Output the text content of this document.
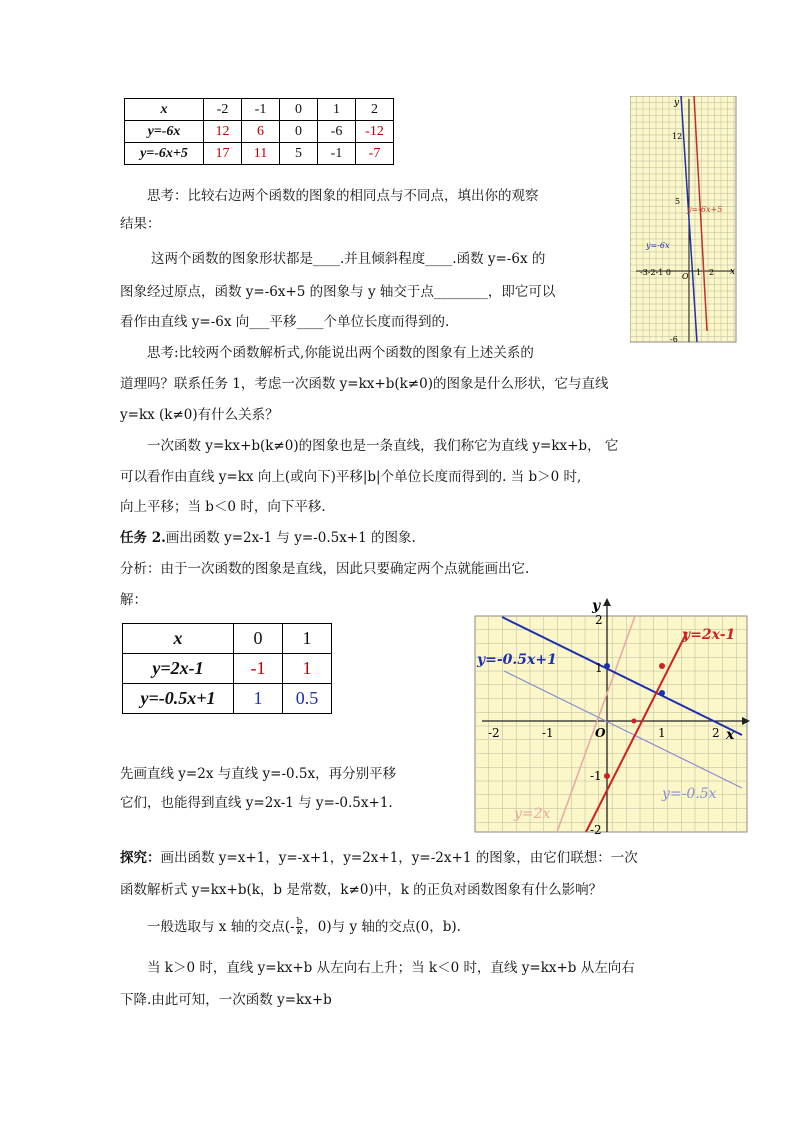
x	-2	-1	0	1	2
y=-6x	12	6	0	-6	-12
y=-6x+5	17	11	5	-1	-7
y
x
12
5
-6
-3-2-1 0 O 1 2
y=-6x
y=-6x+5
思考：比较右边两个函数的图象的相同点与不同点，填出你的观察
结果：
这两个函数的图象形状都是____.并且倾斜程度____.函数 y=-6x 的
图象经过原点，函数 y=-6x+5 的图象与 y 轴交于点________，即它可以
看作由直线 y=-6x 向___平移____个单位长度而得到的.
思考:比较两个函数解析式,你能说出两个函数的图象有上述关系的
道理吗？联系任务 1，考虑一次函数 y=kx+b(k≠0)的图象是什么形状，它与直线
y=kx (k≠0)有什么关系？
一次函数 y=kx+b(k≠0)的图象也是一条直线，我们称它为直线 y=kx+b， 它
可以看作由直线 y=kx 向上(或向下)平移|b|个单位长度而得到的. 当 b＞0 时,
向上平移；当 b＜0 时，向下平移.
任务 2.画出函数 y=2x-1 与 y=-0.5x+1 的图象.
分析：由于一次函数的图象是直线，因此只要确定两个点就能画出它.
解：
x	0	1
y=2x-1	-1	1
y=-0.5x+1	1	0.5
先画直线 y=2x 与直线 y=-0.5x，再分别平移
它们，也能得到直线 y=2x-1 与 y=-0.5x+1.
y
x
2
1
-1
-2
-2	-1	1	2
O
y=2x-1
y=-0.5x+1
y=2x
y=-0.5x
探究：画出函数 y=x+1，y=-x+1，y=2x+1，y=-2x+1 的图象，由它们联想：一次
函数解析式 y=kx+b(k，b 是常数，k≠0)中，k 的正负对函数图象有什么影响？
一般选取与 x 轴的交点(- $\frac{b}{k}$ ，0)与 y 轴的交点(0，b).
当 k＞0 时，直线 y=kx+b 从左向右上升；当 k＜0 时，直线 y=kx+b 从左向右
下降.由此可知，一次函数 y=kx+b
